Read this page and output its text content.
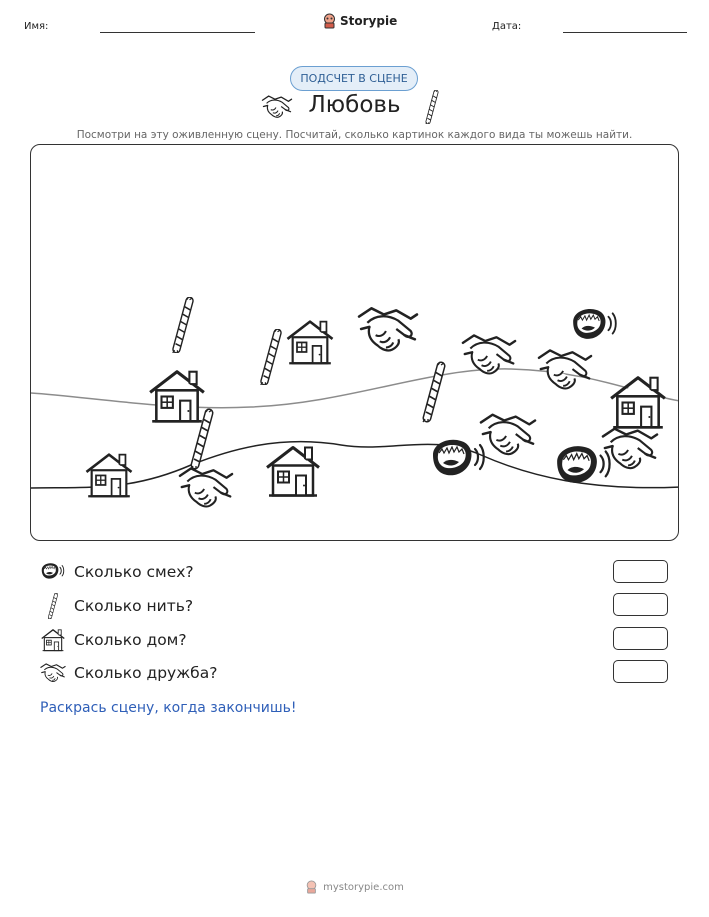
Имя:	Storypie	Дата:
ПОДСЧЕТ В СЦЕНЕ
Любовь
Посмотри на эту оживленную сцену. Посчитай, сколько картинок каждого вида ты можешь найти.
Сколько смех?
Сколько нить?
Сколько дом?
Сколько дружба?
Раскрась сцену, когда закончишь!
mystorypie.com
